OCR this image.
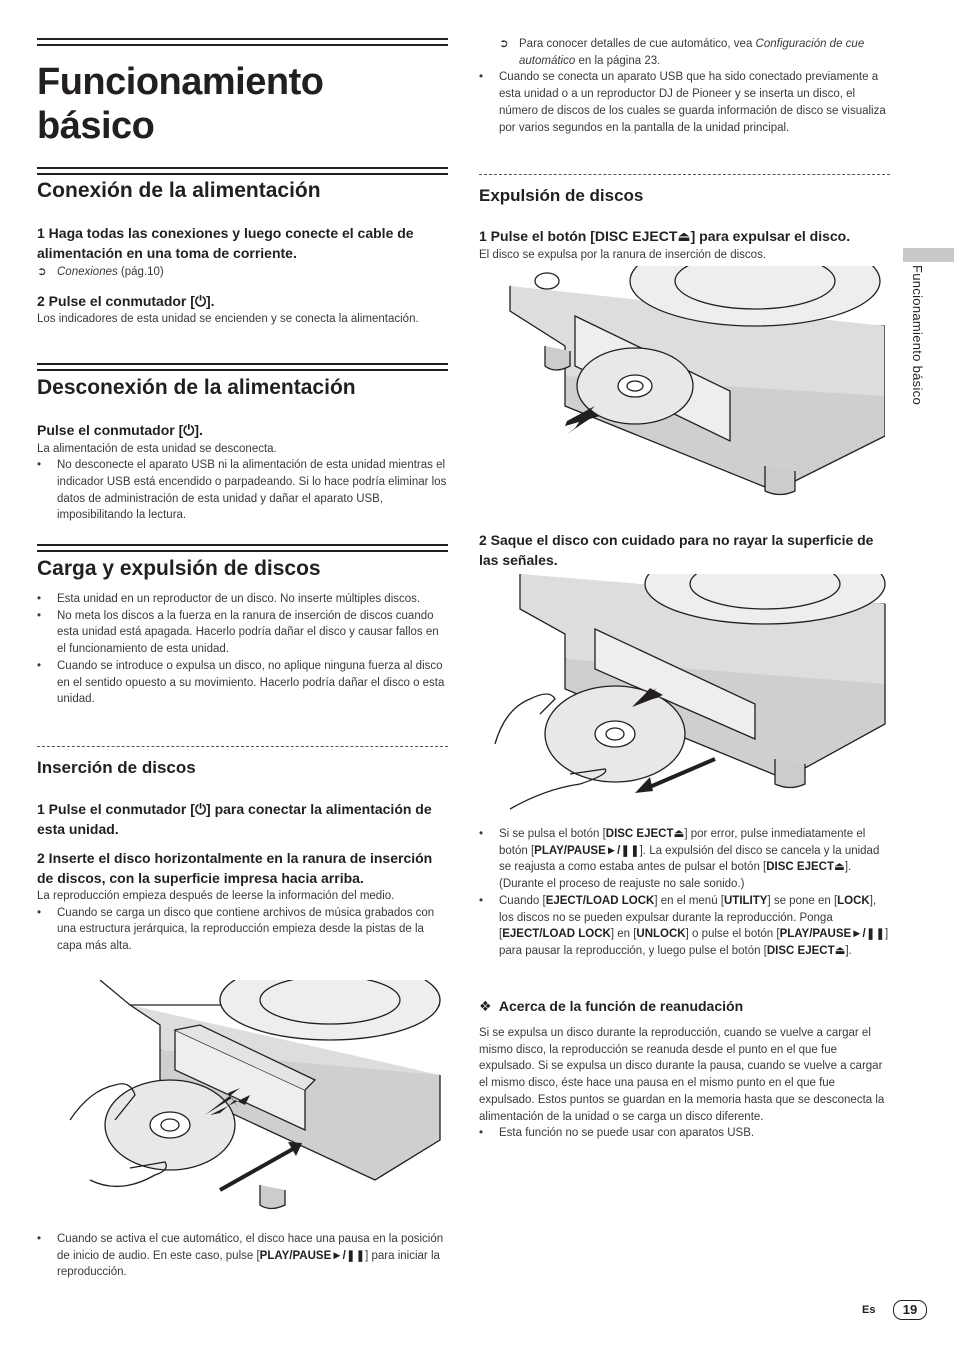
Funcionamiento
básico
Conexión de la alimentación
1 Haga todas las conexiones y luego conecte el cable de alimentación en una toma de corriente.
➲ Conexiones (pág.10)
2 Pulse el conmutador [⏻].
Los indicadores de esta unidad se encienden y se conecta la alimentación.
Desconexión de la alimentación
Pulse el conmutador [⏻].
La alimentación de esta unidad se desconecta.
• No desconecte el aparato USB ni la alimentación de esta unidad mientras el indicador USB está encendido o parpadeando. Si lo hace podría eliminar los datos de administración de esta unidad y dañar el aparato USB, imposibilitando la lectura.
Carga y expulsión de discos
• Esta unidad en un reproductor de un disco. No inserte múltiples discos.
• No meta los discos a la fuerza en la ranura de inserción de discos cuando esta unidad está apagada. Hacerlo podría dañar el disco y causar fallos en el funcionamiento de esta unidad.
• Cuando se introduce o expulsa un disco, no aplique ninguna fuerza al disco en el sentido opuesto a su movimiento. Hacerlo podría dañar el disco o esta unidad.
Inserción de discos
1 Pulse el conmutador [⏻] para conectar la alimentación de esta unidad.
2 Inserte el disco horizontalmente en la ranura de inserción de discos, con la superficie impresa hacia arriba.
La reproducción empieza después de leerse la información del medio.
• Cuando se carga un disco que contiene archivos de música grabados con una estructura jerárquica, la reproducción empieza desde la pistas de la capa más alta.
• Cuando se activa el cue automático, el disco hace una pausa en la posición de inicio de audio. En este caso, pulse [PLAY/PAUSE►/❚❚] para iniciar la reproducción.
➲ Para conocer detalles de cue automático, vea Configuración de cue automático en la página 23.
• Cuando se conecta un aparato USB que ha sido conectado previamente a esta unidad o a un reproductor DJ de Pioneer y se inserta un disco, el número de discos de los cuales se guarda información de disco se visualiza por varios segundos en la pantalla de la unidad principal.
Expulsión de discos
1 Pulse el botón [DISC EJECT⏏] para expulsar el disco.
El disco se expulsa por la ranura de inserción de discos.
2 Saque el disco con cuidado para no rayar la superficie de las señales.
• Si se pulsa el botón [DISC EJECT⏏] por error, pulse inmediatamente el botón [PLAY/PAUSE►/❚❚]. La expulsión del disco se cancela y la unidad se reajusta a como estaba antes de pulsar el botón [DISC EJECT⏏]. (Durante el proceso de reajuste no sale sonido.)
• Cuando [EJECT/LOAD LOCK] en el menú [UTILITY] se pone en [LOCK], los discos no se pueden expulsar durante la reproducción. Ponga [EJECT/LOAD LOCK] en [UNLOCK] o pulse el botón [PLAY/PAUSE►/❚❚] para pausar la reproducción, y luego pulse el botón [DISC EJECT⏏].
❖ Acerca de la función de reanudación
Si se expulsa un disco durante la reproducción, cuando se vuelve a cargar el mismo disco, la reproducción se reanuda desde el punto en el que fue expulsado. Si se expulsa un disco durante la pausa, cuando se vuelve a cargar el mismo disco, éste hace una pausa en el mismo punto en el que fue expulsado. Estos puntos se guardan en la memoria hasta que se desconecta la alimentación de la unidad o se carga un disco diferente.
• Esta función no se puede usar con aparatos USB.
Funcionamiento básico
Es	19
